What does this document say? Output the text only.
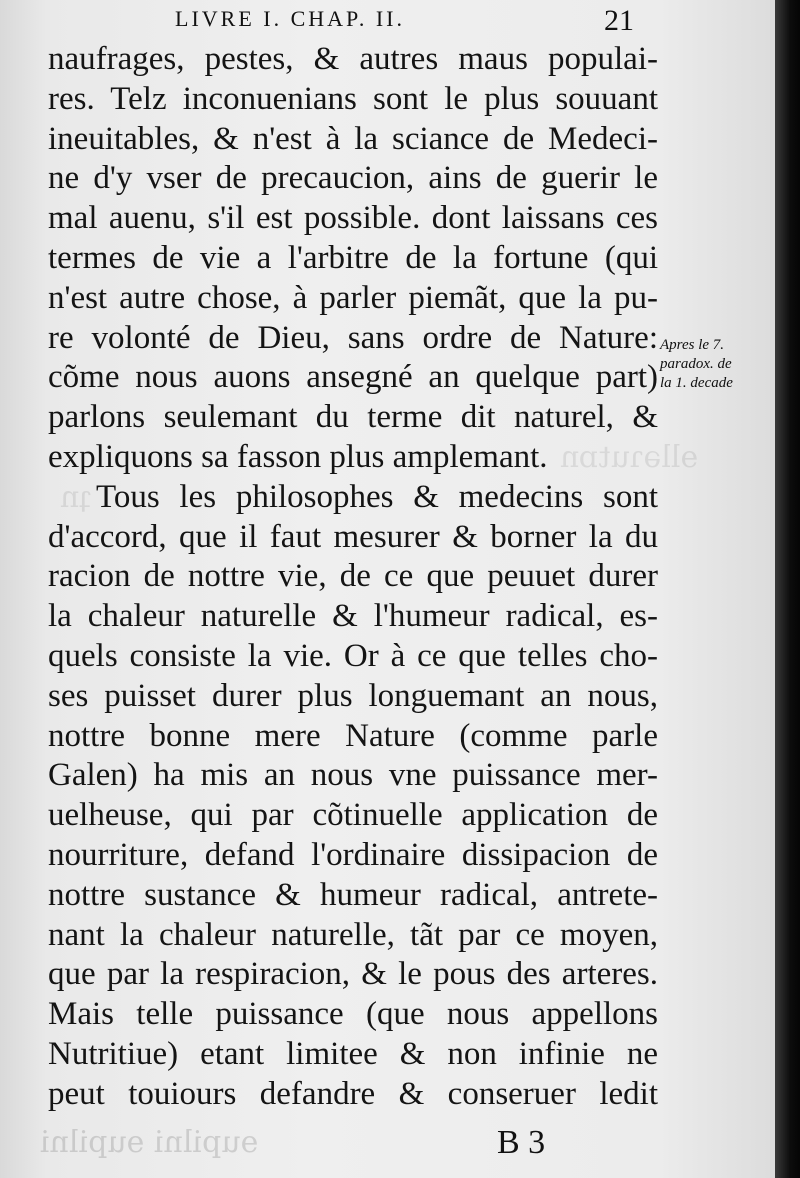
ɘupilni ɘupilni
ɘlləɿutɒn
ʇn
LIVRE I. CHAP. II.	21
naufrages, pestes, & autres maus populai-
res. Telz inconuenians sont le plus souuant
ineuitables, & n'est à la sciance de Medeci-
ne d'y vser de precaucion, ains de guerir le
mal auenu, s'il est possible. dont laissans ces
termes de vie a l'arbitre de la fortune (qui
n'est autre chose, à parler piemãt, que la pu-
re volonté de Dieu, sans ordre de Nature:
cõme nous auons ansegné an quelque part)
parlons seulemant du terme dit naturel, &
expliquons sa fasson plus amplemant.
Tous les philosophes & medecins sont
d'accord, que il faut mesurer & borner la du
racion de nottre vie, de ce que peuuet durer
la chaleur naturelle & l'humeur radical, es-
quels consiste la vie. Or à ce que telles cho-
ses puisset durer plus longuemant an nous,
nottre bonne mere Nature (comme parle
Galen) ha mis an nous vne puissance mer-
uelheuse, qui par cõtinuelle application de
nourriture, defand l'ordinaire dissipacion de
nottre sustance & humeur radical, antrete-
nant la chaleur naturelle, tãt par ce moyen,
que par la respiracion, & le pous des arteres.
Mais telle puissance (que nous appellons
Nutritiue) etant limitee & non infinie ne
peut touiours defandre & conseruer ledit
Apres le 7.
paradox. de
la 1. decade
B 3
